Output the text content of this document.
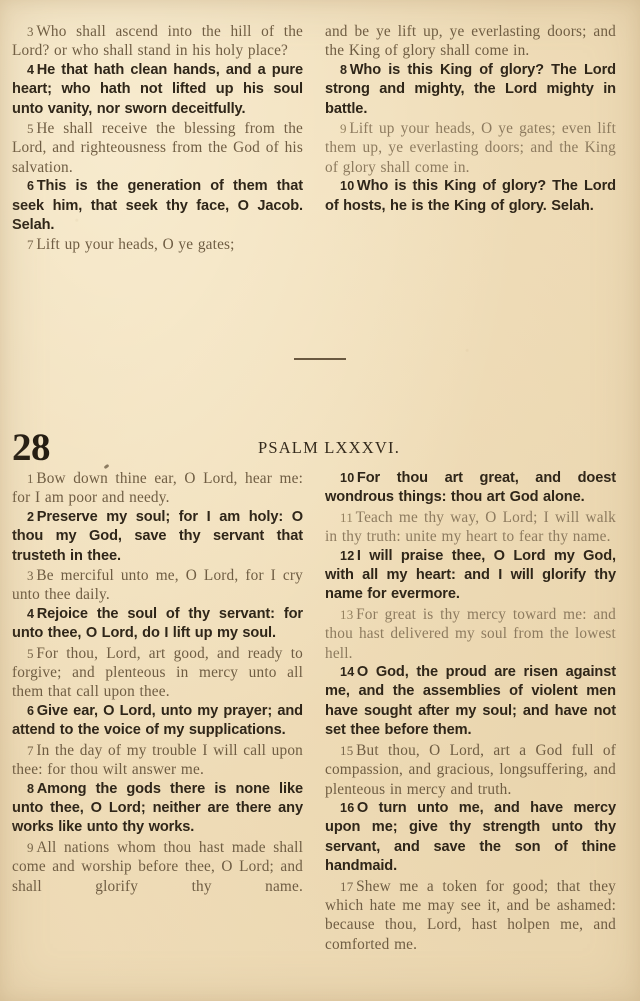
3 Who shall ascend into the hill of the Lord? or who shall stand in his holy place?

4 He that hath clean hands, and a pure heart; who hath not lifted up his soul unto vanity, nor sworn deceitfully.

5 He shall receive the blessing from the Lord, and righteousness from the God of his salvation.

6 This is the generation of them that seek him, that seek thy face, O Jacob. Selah.

7 Lift up your heads, O ye gates;

and be ye lift up, ye everlasting doors; and the King of glory shall come in.

8 Who is this King of glory? The Lord strong and mighty, the Lord mighty in battle.

9 Lift up your heads, O ye gates; even lift them up, ye everlasting doors; and the King of glory shall come in.

10 Who is this King of glory? The Lord of hosts, he is the King of glory. Selah.

28	PSALM LXXXVI.

1 Bow down thine ear, O Lord, hear me: for I am poor and needy.

2 Preserve my soul; for I am holy: O thou my God, save thy servant that trusteth in thee.

3 Be merciful unto me, O Lord, for I cry unto thee daily.

4 Rejoice the soul of thy servant: for unto thee, O Lord, do I lift up my soul.

5 For thou, Lord, art good, and ready to forgive; and plenteous in mercy unto all them that call upon thee.

6 Give ear, O Lord, unto my prayer; and attend to the voice of my supplications.

7 In the day of my trouble I will call upon thee: for thou wilt answer me.

8 Among the gods there is none like unto thee, O Lord; neither are there any works like unto thy works.

9 All nations whom thou hast made shall come and worship before thee, O Lord; and shall glorify thy name.

10 For thou art great, and doest wondrous things: thou art God alone.

11 Teach me thy way, O Lord; I will walk in thy truth: unite my heart to fear thy name.

12 I will praise thee, O Lord my God, with all my heart: and I will glorify thy name for evermore.

13 For great is thy mercy toward me: and thou hast delivered my soul from the lowest hell.

14 O God, the proud are risen against me, and the assemblies of violent men have sought after my soul; and have not set thee before them.

15 But thou, O Lord, art a God full of compassion, and gracious, longsuffering, and plenteous in mercy and truth.

16 O turn unto me, and have mercy upon me; give thy strength unto thy servant, and save the son of thine handmaid.

17 Shew me a token for good; that they which hate me may see it, and be ashamed: because thou, Lord, hast holpen me, and comforted me.
